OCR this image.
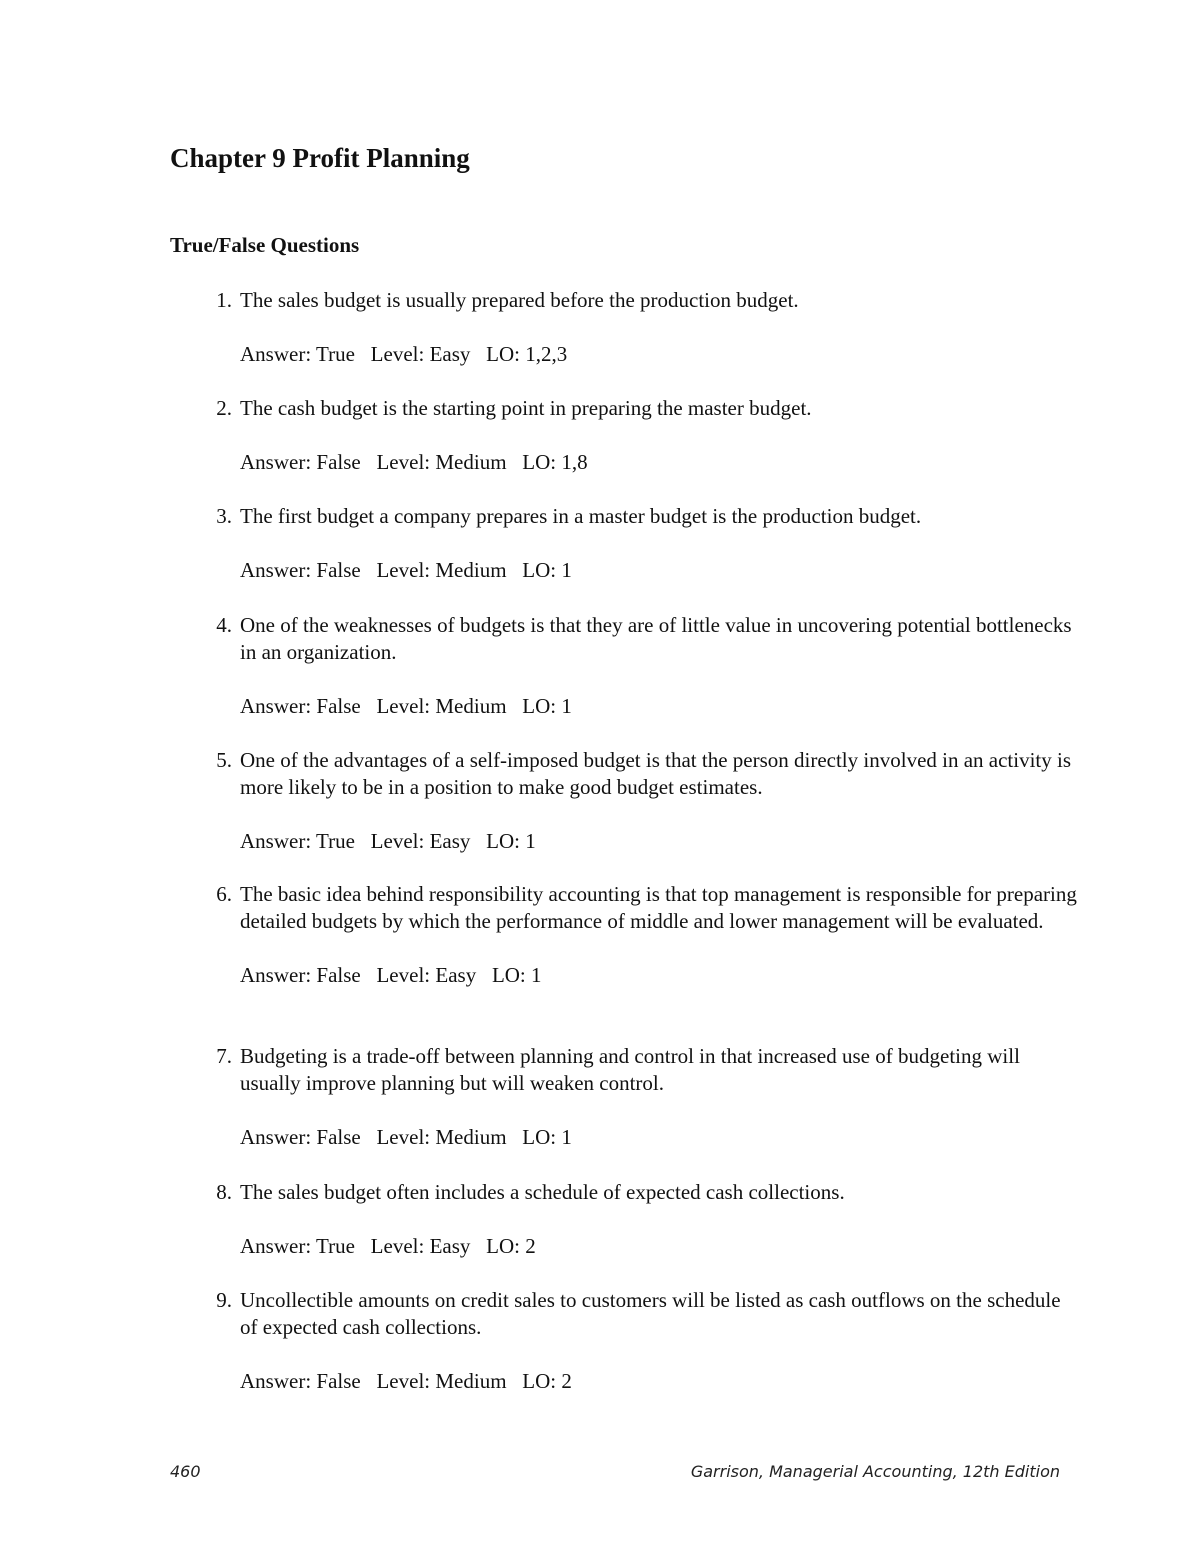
Chapter 9 Profit Planning
True/False Questions
1. The sales budget is usually prepared before the production budget.
Answer: True   Level: Easy   LO: 1,2,3
2. The cash budget is the starting point in preparing the master budget.
Answer: False   Level: Medium   LO: 1,8
3. The first budget a company prepares in a master budget is the production budget.
Answer: False   Level: Medium   LO: 1
4. One of the weaknesses of budgets is that they are of little value in uncovering potential bottlenecks in an organization.
Answer: False   Level: Medium   LO: 1
5. One of the advantages of a self-imposed budget is that the person directly involved in an activity is more likely to be in a position to make good budget estimates.
Answer: True   Level: Easy   LO: 1
6. The basic idea behind responsibility accounting is that top management is responsible for preparing detailed budgets by which the performance of middle and lower management will be evaluated.
Answer: False   Level: Easy   LO: 1
7. Budgeting is a trade-off between planning and control in that increased use of budgeting will usually improve planning but will weaken control.
Answer: False   Level: Medium   LO: 1
8. The sales budget often includes a schedule of expected cash collections.
Answer: True   Level: Easy   LO: 2
9. Uncollectible amounts on credit sales to customers will be listed as cash outflows on the schedule of expected cash collections.
Answer: False   Level: Medium   LO: 2
460	Garrison, Managerial Accounting, 12th Edition
